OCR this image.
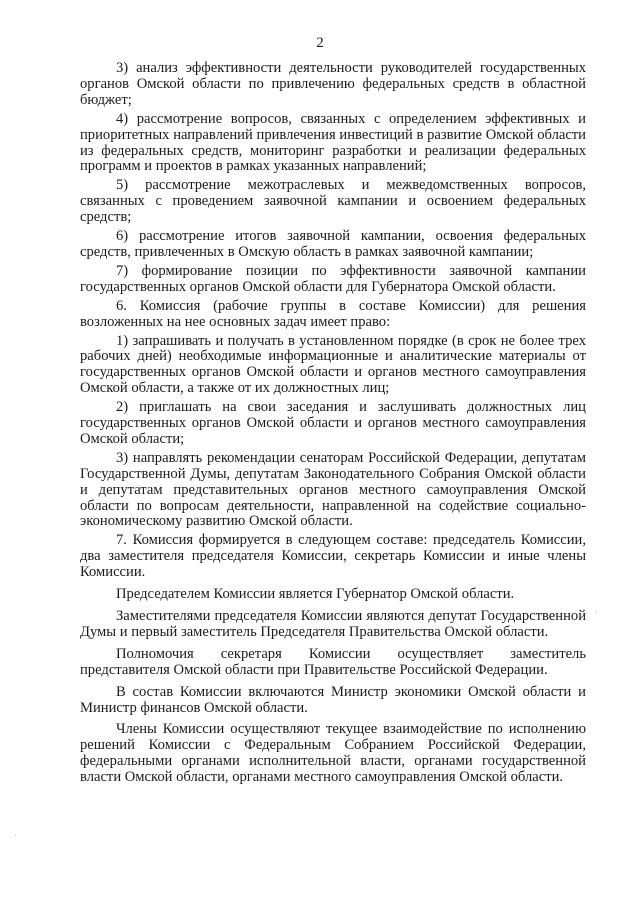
2

3) анализ эффективности деятельности руководителей государственных органов Омской области по привлечению федеральных средств в областной бюджет;

4) рассмотрение вопросов, связанных с определением эффективных и приоритетных направлений привлечения инвестиций в развитие Омской области из федеральных средств, мониторинг разработки и реализации федеральных программ и проектов в рамках указанных направлений;

5) рассмотрение межотраслевых и межведомственных вопросов, связанных с проведением заявочной кампании и освоением федеральных средств;

6) рассмотрение итогов заявочной кампании, освоения федеральных средств, привлеченных в Омскую область в рамках заявочной кампании;

7) формирование позиции по эффективности заявочной кампании государственных органов Омской области для Губернатора Омской области.

6. Комиссия (рабочие группы в составе Комиссии) для решения возложенных на нее основных задач имеет право:

1) запрашивать и получать в установленном порядке (в срок не более трех рабочих дней) необходимые информационные и аналитические материалы от государственных органов Омской области и органов местного самоуправления Омской области, а также от их должностных лиц;

2) приглашать на свои заседания и заслушивать должностных лиц государственных органов Омской области и органов местного самоуправления Омской области;

3) направлять рекомендации сенаторам Российской Федерации, депутатам Государственной Думы, депутатам Законодательного Собрания Омской области и депутатам представительных органов местного самоуправления Омской области по вопросам деятельности, направленной на содействие социально-экономическому развитию Омской области.

7. Комиссия формируется в следующем составе: председатель Комиссии, два заместителя председателя Комиссии, секретарь Комиссии и иные члены Комиссии.

Председателем Комиссии является Губернатор Омской области.

Заместителями председателя Комиссии являются депутат Государственной Думы и первый заместитель Председателя Правительства Омской области.

Полномочия секретаря Комиссии осуществляет заместитель представителя Омской области при Правительстве Российской Федерации.

В состав Комиссии включаются Министр экономики Омской области и Министр финансов Омской области.

Члены Комиссии осуществляют текущее взаимодействие по исполнению решений Комиссии с Федеральным Собранием Российской Федерации, федеральными органами исполнительной власти, органами государственной власти Омской области, органами местного самоуправления Омской области.
